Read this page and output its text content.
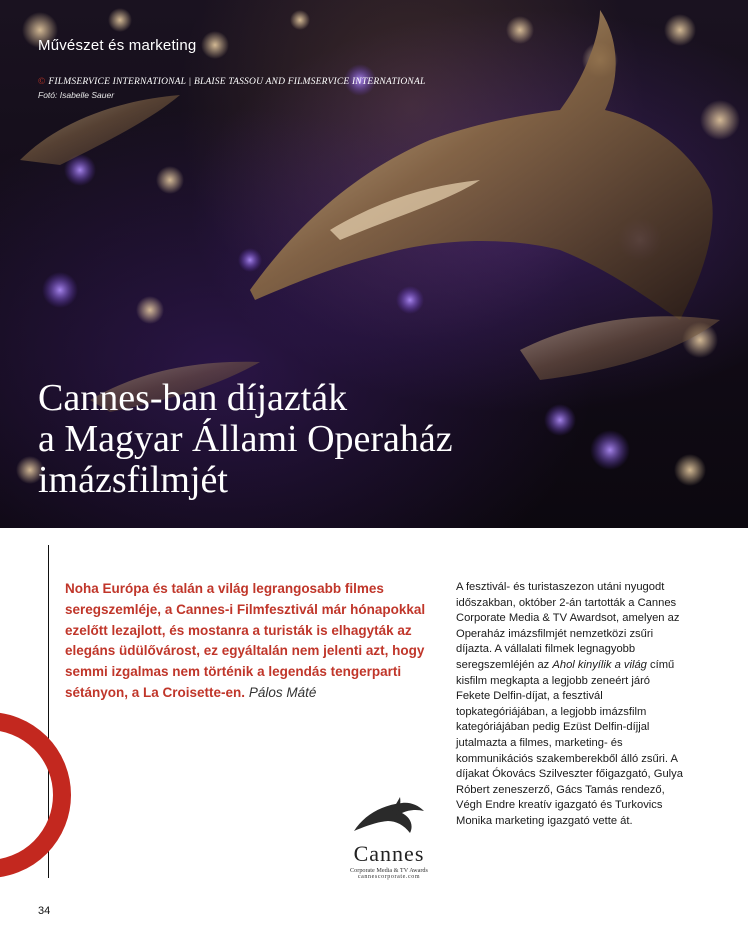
Művészet és marketing
© FILMSERVICE INTERNATIONAL | BLAISE TASSOU AND FILMSERVICE INTERNATIONAL
Fotó: Isabelle Sauer
Cannes-ban díjazták
a Magyar Állami Operaház
imázsfilmjét
Noha Európa és talán a világ legrangosabb filmes seregszemléje, a Cannes-i Filmfesztivál már hónapokkal ezelőtt lezajlott, és mostanra a turisták is elhagyták az elegáns üdülővárost, ez egyáltalán nem jelenti azt, hogy semmi izgalmas nem történik a legendás tengerparti sétányon, a La Croisette-en. Pálos Máté

A fesztivál- és turistaszezon utáni nyugodt időszakban, október 2-án tartották a Cannes Corporate Media & TV Awardsot, amelyen az Operaház imázsfilmjét nemzetközi zsűri díjazta. A vállalati filmek legnagyobb seregszemléjén az Ahol kinyílik a világ című kisfilm megkapta a legjobb zeneért járó Fekete Delfin-díjat, a fesztivál topkategóriájában, a legjobb imázsfilm kategóriájában pedig Ezüst Delfin-díjjal jutalmazta a filmes, marketing- és kommunikációs szakemberekből álló zsűri. A díjakat Ókovács Szilveszter főigazgató, Gulya Róbert zeneszerző, Gács Tamás rendező, Végh Endre kreatív igazgató és Turkovics Monika marketing igazgató vette át.

Cannes
Corporate Media & TV Awards
cannescorporate.com
34
